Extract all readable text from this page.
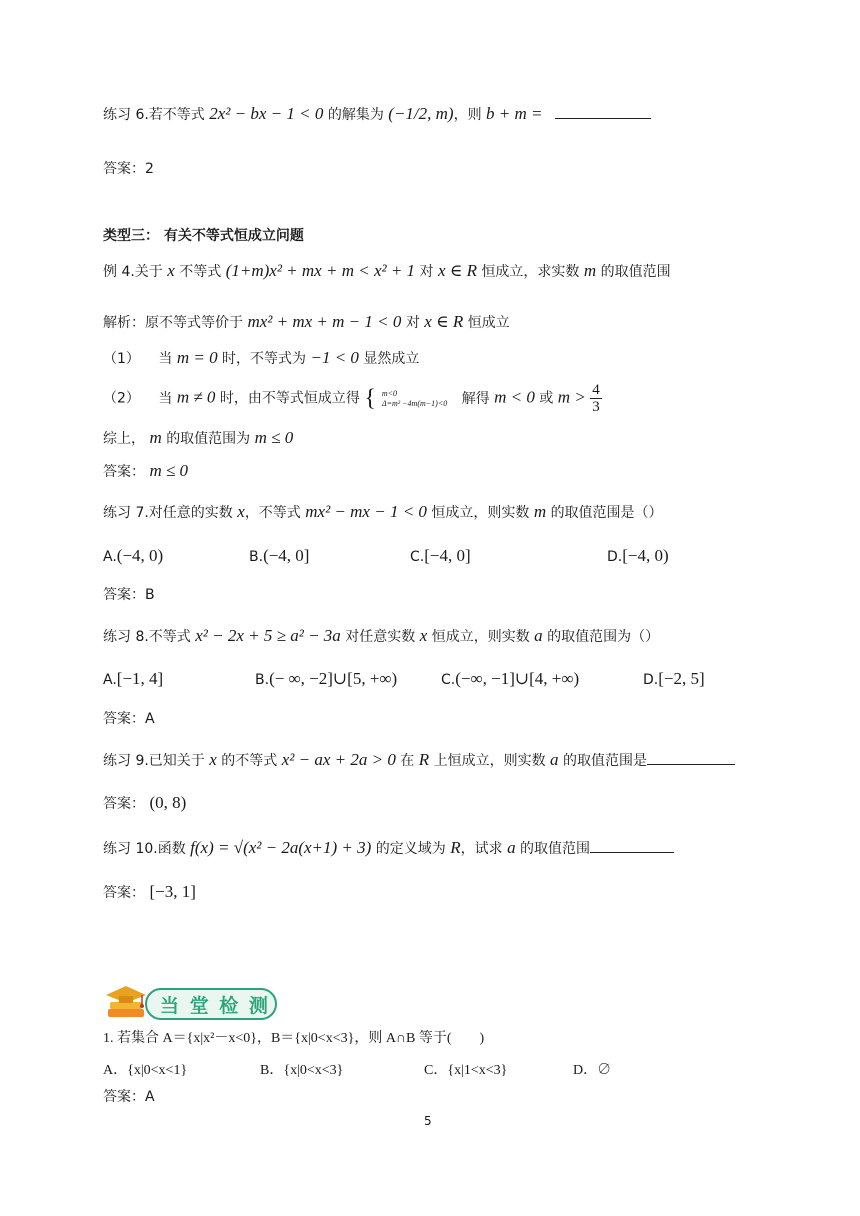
练习 6.若不等式 2x² − bx − 1 < 0 的解集为 (−1/2, m)，则 b + m =
答案：2
类型三： 有关不等式恒成立问题
例 4.关于 x 不等式 (1+m)x² + mx + m < x² + 1 对 x ∈ R 恒成立，求实数 m 的取值范围
解析：原不等式等价于 mx² + mx + m − 1 < 0 对 x ∈ R 恒成立
（1） 当 m = 0 时，不等式为 −1 < 0 显然成立
（2） 当 m ≠ 0 时，由不等式恒成立得 { m<0
Δ=m² −4m(m−1)<0 解得 m < 0 或 $m > \frac{4}{3}$
综上， m 的取值范围为 m ≤ 0
答案： m ≤ 0
练习 7.对任意的实数 x，不等式 mx² − mx − 1 < 0 恒成立，则实数 m 的取值范围是（）
A.(−4, 0)	B.(−4, 0]	C.[−4, 0]	D.[−4, 0)
答案：B
练习 8.不等式 x² − 2x + 5 ≥ a² − 3a 对任意实数 x 恒成立，则实数 a 的取值范围为（）
A.[−1, 4]	B.(− ∞, −2]∪[5, +∞)	C.(−∞, −1]∪[4, +∞)	D.[−2, 5]
答案：A
练习 9.已知关于 x 的不等式 x² − ax + 2a > 0 在 R 上恒成立，则实数 a 的取值范围是
答案： (0, 8)
练习 10.函数 f(x) = √(x² − 2a(x+1) + 3) 的定义域为 R，试求 a 的取值范围
答案： [−3, 1]
当 堂 检 测
1. 若集合 A＝{x|x²－x<0}，B＝{x|0<x<3}，则 A∩B 等于(　　)
A．{x|0<x<1}	B．{x|0<x<3}	C．{x|1<x<3}	D．∅
答案：A
5
